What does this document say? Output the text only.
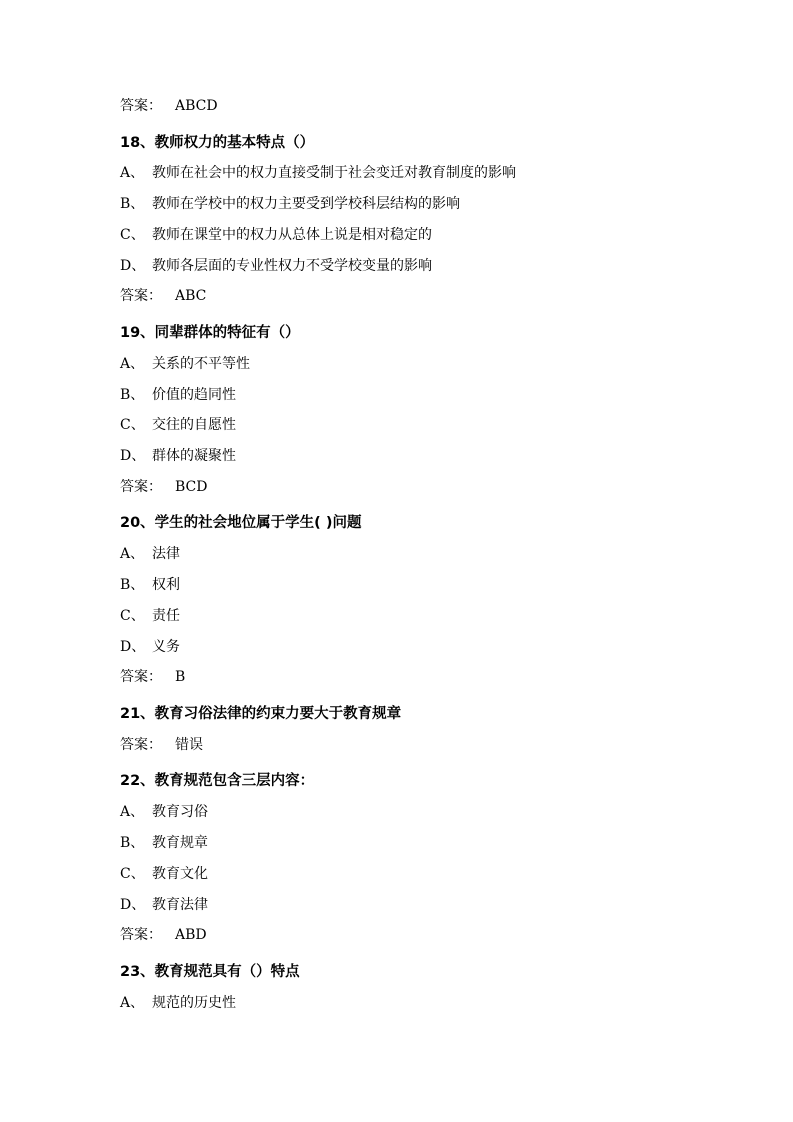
答案： ABCD
18、教师权力的基本特点（）
A、 教师在社会中的权力直接受制于社会变迁对教育制度的影响
B、 教师在学校中的权力主要受到学校科层结构的影响
C、 教师在课堂中的权力从总体上说是相对稳定的
D、 教师各层面的专业性权力不受学校变量的影响
答案： ABC
19、同辈群体的特征有（）
A、 关系的不平等性
B、 价值的趋同性
C、 交往的自愿性
D、 群体的凝聚性
答案： BCD
20、学生的社会地位属于学生( )问题
A、 法律
B、 权利
C、 责任
D、 义务
答案： B
21、教育习俗法律的约束力要大于教育规章
答案： 错误
22、教育规范包含三层内容：
A、 教育习俗
B、 教育规章
C、 教育文化
D、 教育法律
答案： ABD
23、教育规范具有（）特点
A、 规范的历史性
